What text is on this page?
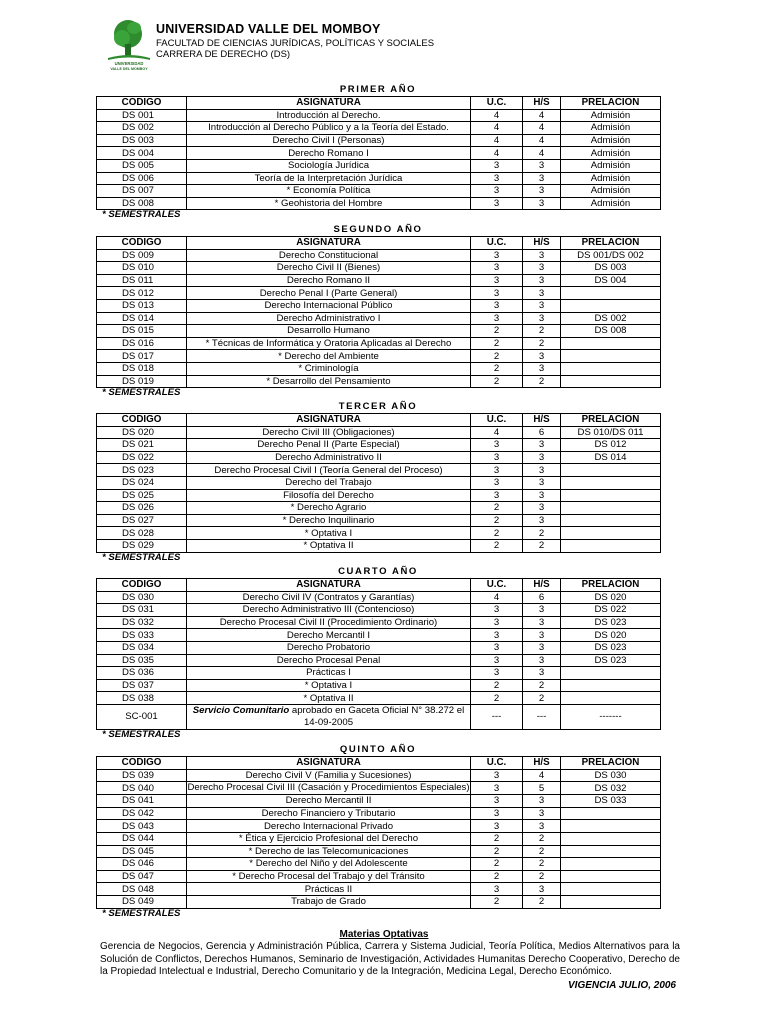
UNIVERSIDAD
VALLE DEL MOMBOY
UNIVERSIDAD VALLE DEL MOMBOY
FACULTAD DE CIENCIAS JURÍDICAS, POLÍTICAS Y SOCIALES
CARRERA DE DERECHO (DS)
PRIMER AÑO
CODIGO	ASIGNATURA	U.C.	H/S	PRELACION
DS 001	Introducción al Derecho.	4	4	Admisión
DS 002	Introducción al Derecho Público y a la Teoría del Estado.	4	4	Admisión
DS 003	Derecho Civil I (Personas)	4	4	Admisión
DS 004	Derecho Romano I	4	4	Admisión
DS 005	Sociología Jurídica	3	3	Admisión
DS 006	Teoría de la Interpretación Jurídica	3	3	Admisión
DS 007	* Economía Política	3	3	Admisión
DS 008	* Geohistoria del Hombre	3	3	Admisión
* SEMESTRALES
SEGUNDO AÑO
CODIGO	ASIGNATURA	U.C.	H/S	PRELACION
DS 009	Derecho Constitucional	3	3	DS 001/DS 002
DS 010	Derecho Civil II (Bienes)	3	3	DS 003
DS 011	Derecho Romano II	3	3	DS 004
DS 012	Derecho Penal I (Parte General)	3	3	
DS 013	Derecho Internacional Público	3	3	
DS 014	Derecho Administrativo I	3	3	DS 002
DS 015	Desarrollo Humano	2	2	DS 008
DS 016	* Técnicas de Informática y Oratoria Aplicadas al Derecho	2	2	
DS 017	* Derecho del Ambiente	2	3	
DS 018	* Criminología	2	3	
DS 019	* Desarrollo del Pensamiento	2	2	
* SEMESTRALES
TERCER AÑO
CODIGO	ASIGNATURA	U.C.	H/S	PRELACION
DS 020	Derecho Civil III (Obligaciones)	4	6	DS 010/DS 011
DS 021	Derecho Penal II (Parte Especial)	3	3	DS 012
DS 022	Derecho Administrativo II	3	3	DS 014
DS 023	Derecho Procesal Civil I (Teoría General del Proceso)	3	3	
DS 024	Derecho del Trabajo	3	3	
DS 025	Filosofía del Derecho	3	3	
DS 026	* Derecho Agrario	2	3	
DS 027	* Derecho Inquilinario	2	3	
DS 028	* Optativa I	2	2	
DS 029	* Optativa II	2	2	
* SEMESTRALES
CUARTO AÑO
CODIGO	ASIGNATURA	U.C.	H/S	PRELACION
DS 030	Derecho Civil IV (Contratos y Garantías)	4	6	DS 020
DS 031	Derecho Administrativo III (Contencioso)	3	3	DS 022
DS 032	Derecho Procesal Civil II (Procedimiento Ordinario)	3	3	DS 023
DS 033	Derecho Mercantil I	3	3	DS 020
DS 034	Derecho Probatorio	3	3	DS 023
DS 035	Derecho Procesal Penal	3	3	DS 023
DS 036	Prácticas I	3	3	
DS 037	* Optativa I	2	2	
DS 038	* Optativa II	2	2	
SC-001	Servicio Comunitario aprobado en Gaceta Oficial N° 38.272 el 14-09-2005	---	---	-------
* SEMESTRALES
QUINTO AÑO
CODIGO	ASIGNATURA	U.C.	H/S	PRELACION
DS 039	Derecho Civil V (Familia y Sucesiones)	3	4	DS 030
DS 040	Derecho Procesal Civil III (Casación y Procedimientos Especiales)	3	5	DS 032
DS 041	Derecho Mercantil II	3	3	DS 033
DS 042	Derecho Financiero y Tributario	3	3	
DS 043	Derecho Internacional Privado	3	3	
DS 044	* Ética y Ejercicio Profesional del Derecho	2	2	
DS 045	* Derecho de las Telecomunicaciones	2	2	
DS 046	* Derecho del Niño y del Adolescente	2	2	
DS 047	* Derecho Procesal del Trabajo y del Tránsito	2	2	
DS 048	Prácticas II	3	3	
DS 049	Trabajo de Grado	2	2	
* SEMESTRALES
Materias Optativas
Gerencia de Negocios, Gerencia y Administración Pública, Carrera y Sistema Judicial, Teoría Política, Medios Alternativos para la Solución de Conflictos, Derechos Humanos, Seminario de Investigación, Actividades Humanitas Derecho Cooperativo, Derecho de la Propiedad Intelectual e Industrial, Derecho Comunitario y de la Integración, Medicina Legal, Derecho Económico.
VIGENCIA JULIO, 2006
